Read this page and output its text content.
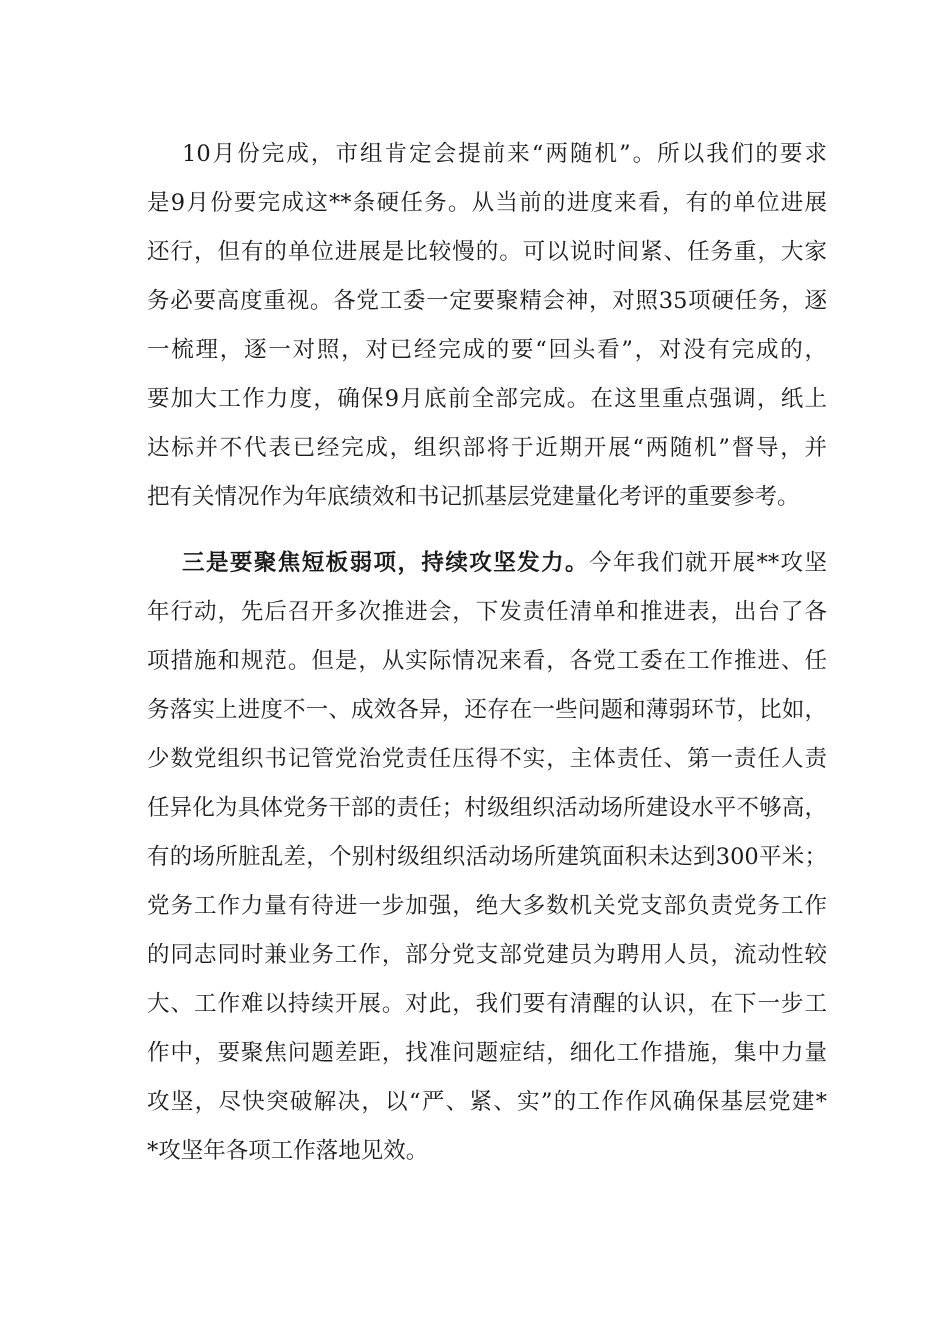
10月份完成，市组肯定会提前来“两随机”。所以我们的要求
是9月份要完成这**条硬任务。从当前的进度来看，有的单位进展
还行，但有的单位进展是比较慢的。可以说时间紧、任务重，大家
务必要高度重视。各党工委一定要聚精会神，对照35项硬任务，逐
一梳理，逐一对照，对已经完成的要“回头看”，对没有完成的，
要加大工作力度，确保9月底前全部完成。在这里重点强调，纸上
达标并不代表已经完成，组织部将于近期开展“两随机”督导，并
把有关情况作为年底绩效和书记抓基层党建量化考评的重要参考。
三是要聚焦短板弱项，持续攻坚发力。今年我们就开展**攻坚
年行动，先后召开多次推进会，下发责任清单和推进表，出台了各
项措施和规范。但是，从实际情况来看，各党工委在工作推进、任
务落实上进度不一、成效各异，还存在一些问题和薄弱环节，比如，
少数党组织书记管党治党责任压得不实，主体责任、第一责任人责
任异化为具体党务干部的责任；村级组织活动场所建设水平不够高，
有的场所脏乱差，个别村级组织活动场所建筑面积未达到300平米；
党务工作力量有待进一步加强，绝大多数机关党支部负责党务工作
的同志同时兼业务工作，部分党支部党建员为聘用人员，流动性较
大、工作难以持续开展。对此，我们要有清醒的认识，在下一步工
作中，要聚焦问题差距，找准问题症结，细化工作措施，集中力量
攻坚，尽快突破解决，以“严、紧、实”的工作作风确保基层党建*
*攻坚年各项工作落地见效。
